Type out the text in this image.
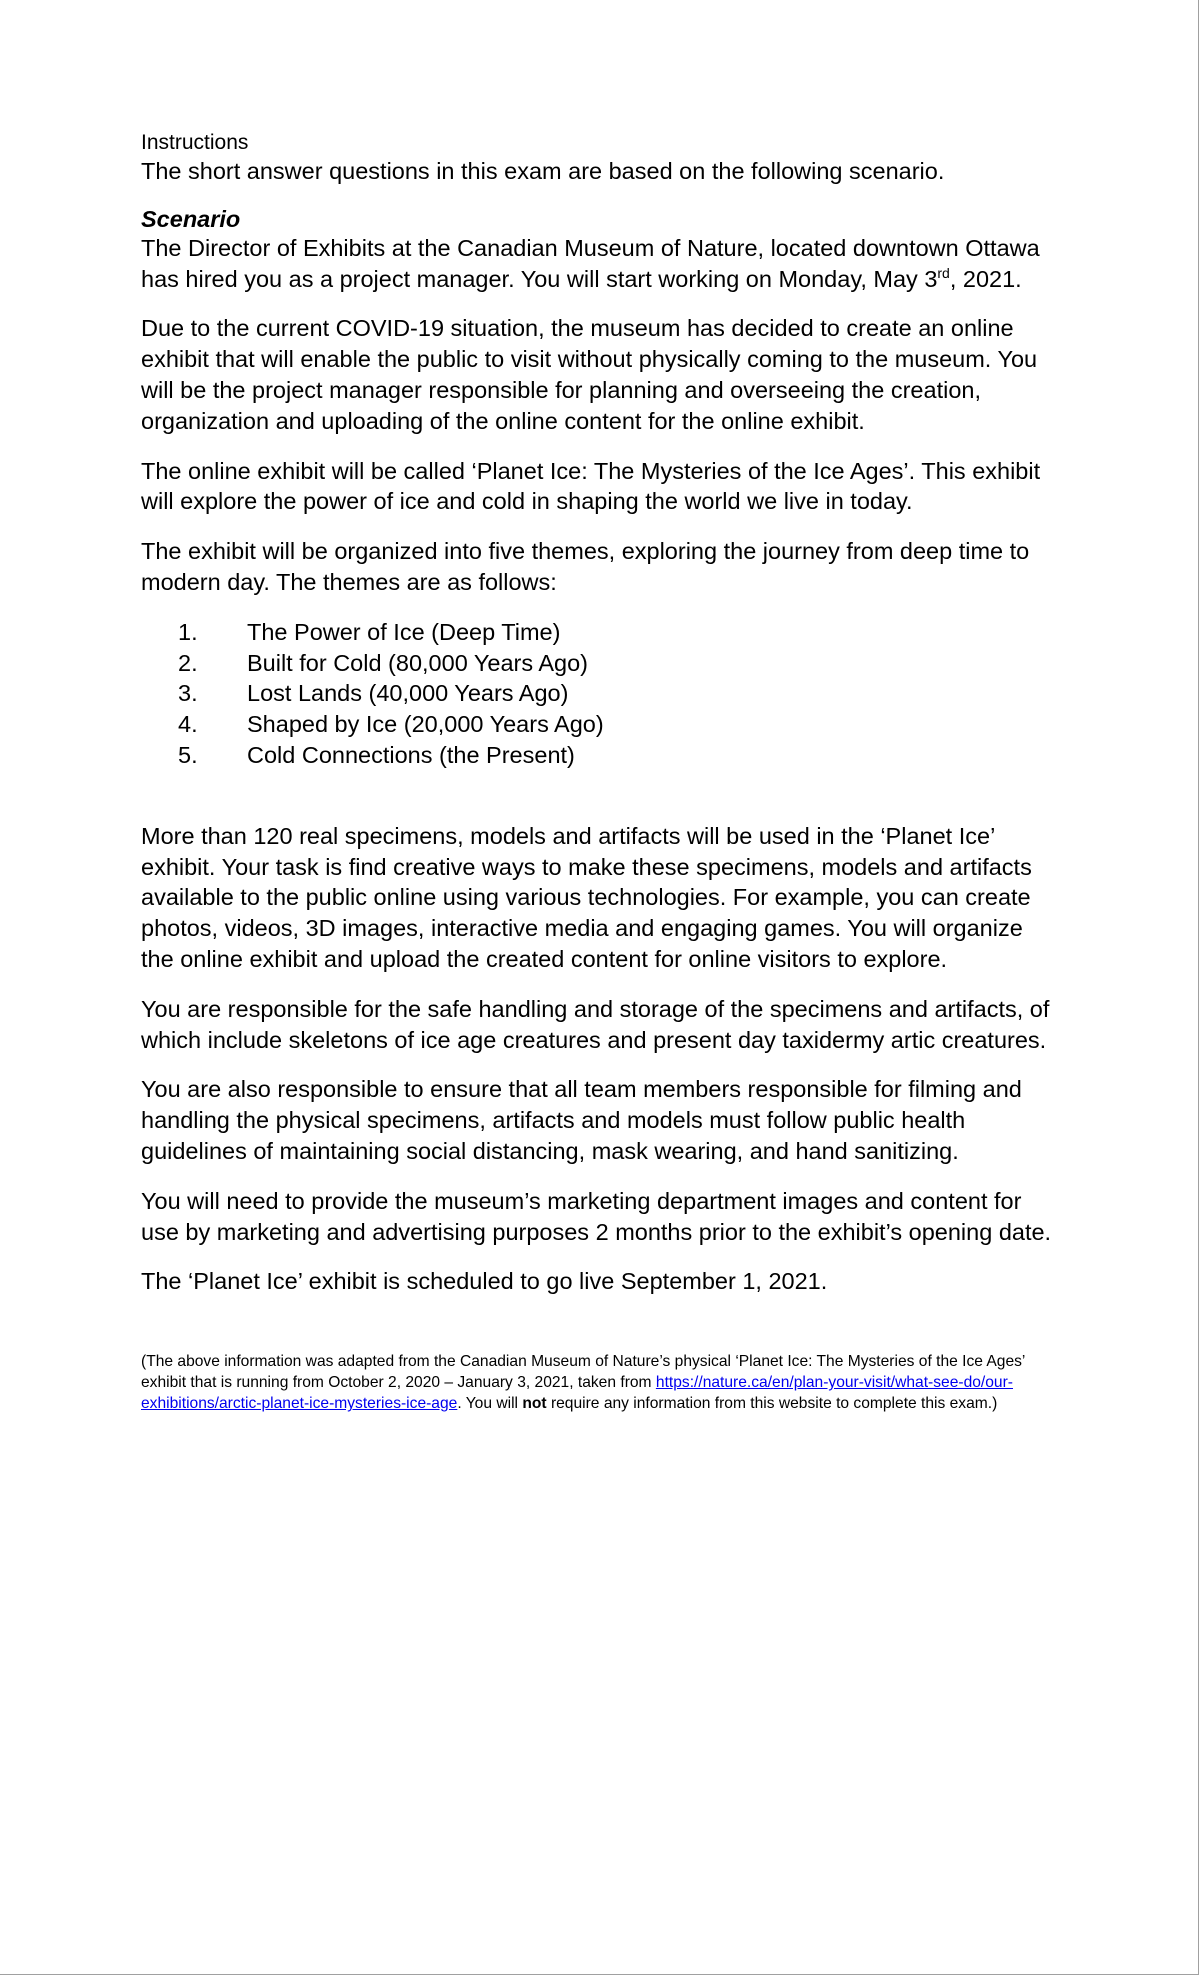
Instructions

The short answer questions in this exam are based on the following scenario.

Scenario

The Director of Exhibits at the Canadian Museum of Nature, located downtown Ottawa has hired you as a project manager. You will start working on Monday, May 3rd, 2021.

Due to the current COVID-19 situation, the museum has decided to create an online exhibit that will enable the public to visit without physically coming to the museum. You will be the project manager responsible for planning and overseeing the creation, organization and uploading of the online content for the online exhibit.

The online exhibit will be called ‘Planet Ice: The Mysteries of the Ice Ages’. This exhibit will explore the power of ice and cold in shaping the world we live in today.

The exhibit will be organized into five themes, exploring the journey from deep time to modern day. The themes are as follows:

1.	The Power of Ice (Deep Time)
2.	Built for Cold (80,000 Years Ago)
3.	Lost Lands (40,000 Years Ago)
4.	Shaped by Ice (20,000 Years Ago)
5.	Cold Connections (the Present)

More than 120 real specimens, models and artifacts will be used in the ‘Planet Ice’ exhibit. Your task is find creative ways to make these specimens, models and artifacts available to the public online using various technologies. For example, you can create photos, videos, 3D images, interactive media and engaging games. You will organize the online exhibit and upload the created content for online visitors to explore.

You are responsible for the safe handling and storage of the specimens and artifacts, of which include skeletons of ice age creatures and present day taxidermy artic creatures.

You are also responsible to ensure that all team members responsible for filming and handling the physical specimens, artifacts and models must follow public health guidelines of maintaining social distancing, mask wearing, and hand sanitizing.

You will need to provide the museum’s marketing department images and content for use by marketing and advertising purposes 2 months prior to the exhibit’s opening date.

The ‘Planet Ice’ exhibit is scheduled to go live September 1, 2021.

(The above information was adapted from the Canadian Museum of Nature’s physical ‘Planet Ice: The Mysteries of the Ice Ages’ exhibit that is running from October 2, 2020 – January 3, 2021, taken from https://nature.ca/en/plan-your-visit/what-see-do/our-exhibitions/arctic-planet-ice-mysteries-ice-age. You will not require any information from this website to complete this exam.)
